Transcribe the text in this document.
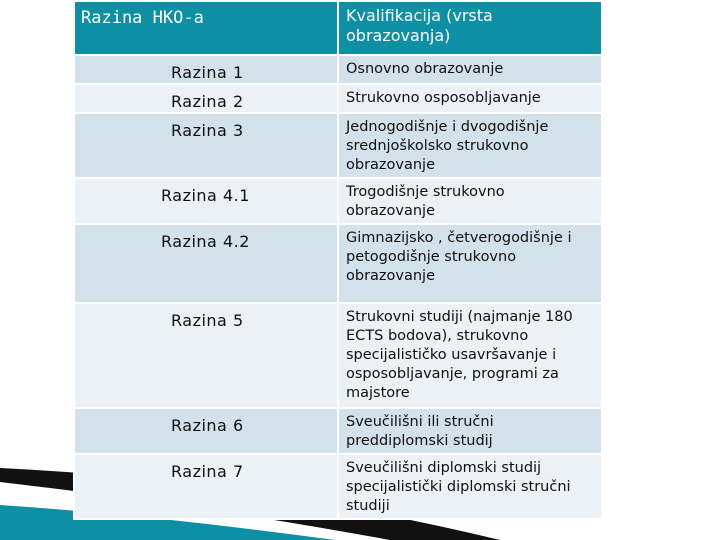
Razina HKO-a	Kvalifikacija (vrsta obrazovanja)
Razina 1	Osnovno obrazovanje
Razina 2	Strukovno osposobljavanje
Razina 3	Jednogodišnje i dvogodišnje srednjoškolsko strukovno obrazovanje
Razina 4.1	Trogodišnje strukovno obrazovanje
Razina 4.2	Gimnazijsko , četverogodišnje i petogodišnje strukovno obrazovanje
Razina 5	Strukovni studiji (najmanje 180 ECTS bodova), strukovno specijalističko usavršavanje i osposobljavanje, programi za majstore
Razina 6	Sveučilišni ili stručni preddiplomski studij
Razina 7	Sveučilišni diplomski studij specijalistički diplomski stručni studiji
